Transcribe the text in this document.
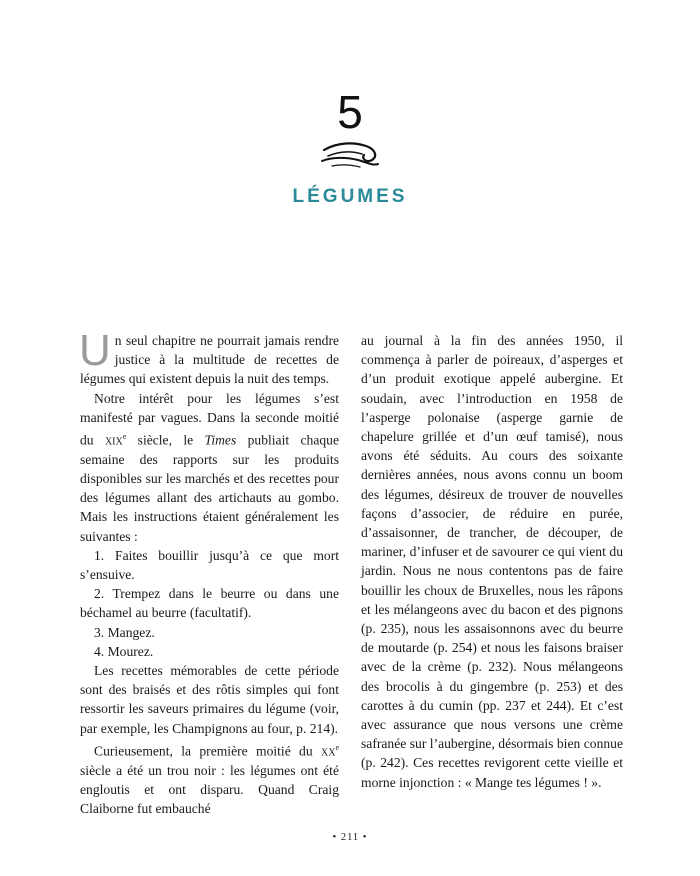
5
LÉGUMES

Un seul chapitre ne pourrait jamais rendre justice à la multitude de recettes de légumes qui existent depuis la nuit des temps.

Notre intérêt pour les légumes s’est manifesté par vagues. Dans la seconde moitié du xix$^e$ siècle, le Times publiait chaque semaine des rapports sur les produits disponibles sur les marchés et des recettes pour des légumes allant des artichauts au gombo. Mais les instructions étaient généralement les suivantes :

1. Faites bouillir jusqu’à ce que mort s’ensuive.

2. Trempez dans le beurre ou dans une béchamel au beurre (facultatif).

3. Mangez.

4. Mourez.

Les recettes mémorables de cette période sont des braisés et des rôtis simples qui font ressortir les saveurs primaires du légume (voir, par exemple, les Champignons au four, p. 214).

Curieusement, la première moitié du $xx^e$ siècle a été un trou noir : les légumes ont été engloutis et ont disparu. Quand Craig Claiborne fut embauché

au journal à la fin des années 1950, il commença à parler de poireaux, d’asperges et d’un produit exotique appelé aubergine. Et soudain, avec l’introduction en 1958 de l’asperge polonaise (asperge garnie de chapelure grillée et d’un œuf tamisé), nous avons été séduits. Au cours des soixante dernières années, nous avons connu un boom des légumes, désireux de trouver de nouvelles façons d’associer, de réduire en purée, d’assaisonner, de trancher, de découper, de mariner, d’infuser et de savourer ce qui vient du jardin. Nous ne nous contentons pas de faire bouillir les choux de Bruxelles, nous les râpons et les mélangeons avec du bacon et des pignons (p. 235), nous les assaisonnons avec du beurre de moutarde (p. 254) et nous les faisons braiser avec de la crème (p. 232). Nous mélangeons des brocolis à du gingembre (p. 253) et des carottes à du cumin (pp. 237 et 244). Et c’est avec assurance que nous versons une crème safranée sur l’aubergine, désormais bien connue (p. 242). Ces recettes revigorent cette vieille et morne injonction : « Mange tes légumes ! ».

• 211 •
